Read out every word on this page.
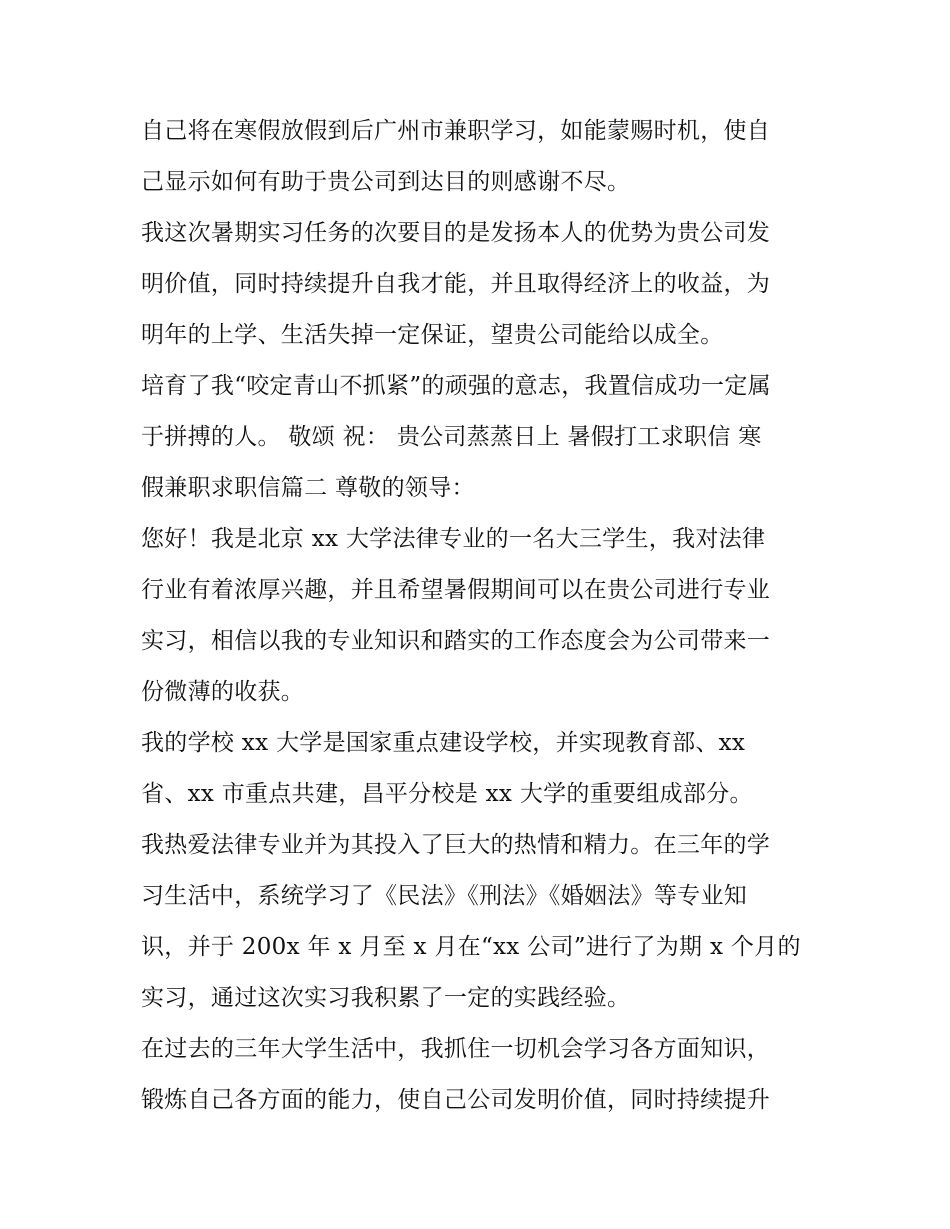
自己将在寒假放假到后广州市兼职学习，如能蒙赐时机，使自
己显示如何有助于贵公司到达目的则感谢不尽。
我这次暑期实习任务的次要目的是发扬本人的优势为贵公司发
明价值，同时持续提升自我才能，并且取得经济上的收益，为
明年的上学、生活失掉一定保证，望贵公司能给以成全。
培育了我“咬定青山不抓紧”的顽强的意志，我置信成功一定属
于拼搏的人。 敬颂 祝： 贵公司蒸蒸日上 暑假打工求职信 寒
假兼职求职信篇二 尊敬的领导：
您好！我是北京 xx 大学法律专业的一名大三学生，我对法律
行业有着浓厚兴趣，并且希望暑假期间可以在贵公司进行专业
实习，相信以我的专业知识和踏实的工作态度会为公司带来一
份微薄的收获。
我的学校 xx 大学是国家重点建设学校，并实现教育部、xx
省、xx 市重点共建，昌平分校是 xx 大学的重要组成部分。
我热爱法律专业并为其投入了巨大的热情和精力。在三年的学
习生活中，系统学习了《民法》《刑法》《婚姻法》等专业知
识，并于 200x 年 x 月至 x 月在“xx 公司”进行了为期 x 个月的
实习，通过这次实习我积累了一定的实践经验。
在过去的三年大学生活中，我抓住一切机会学习各方面知识，
锻炼自己各方面的能力，使自己公司发明价值，同时持续提升
